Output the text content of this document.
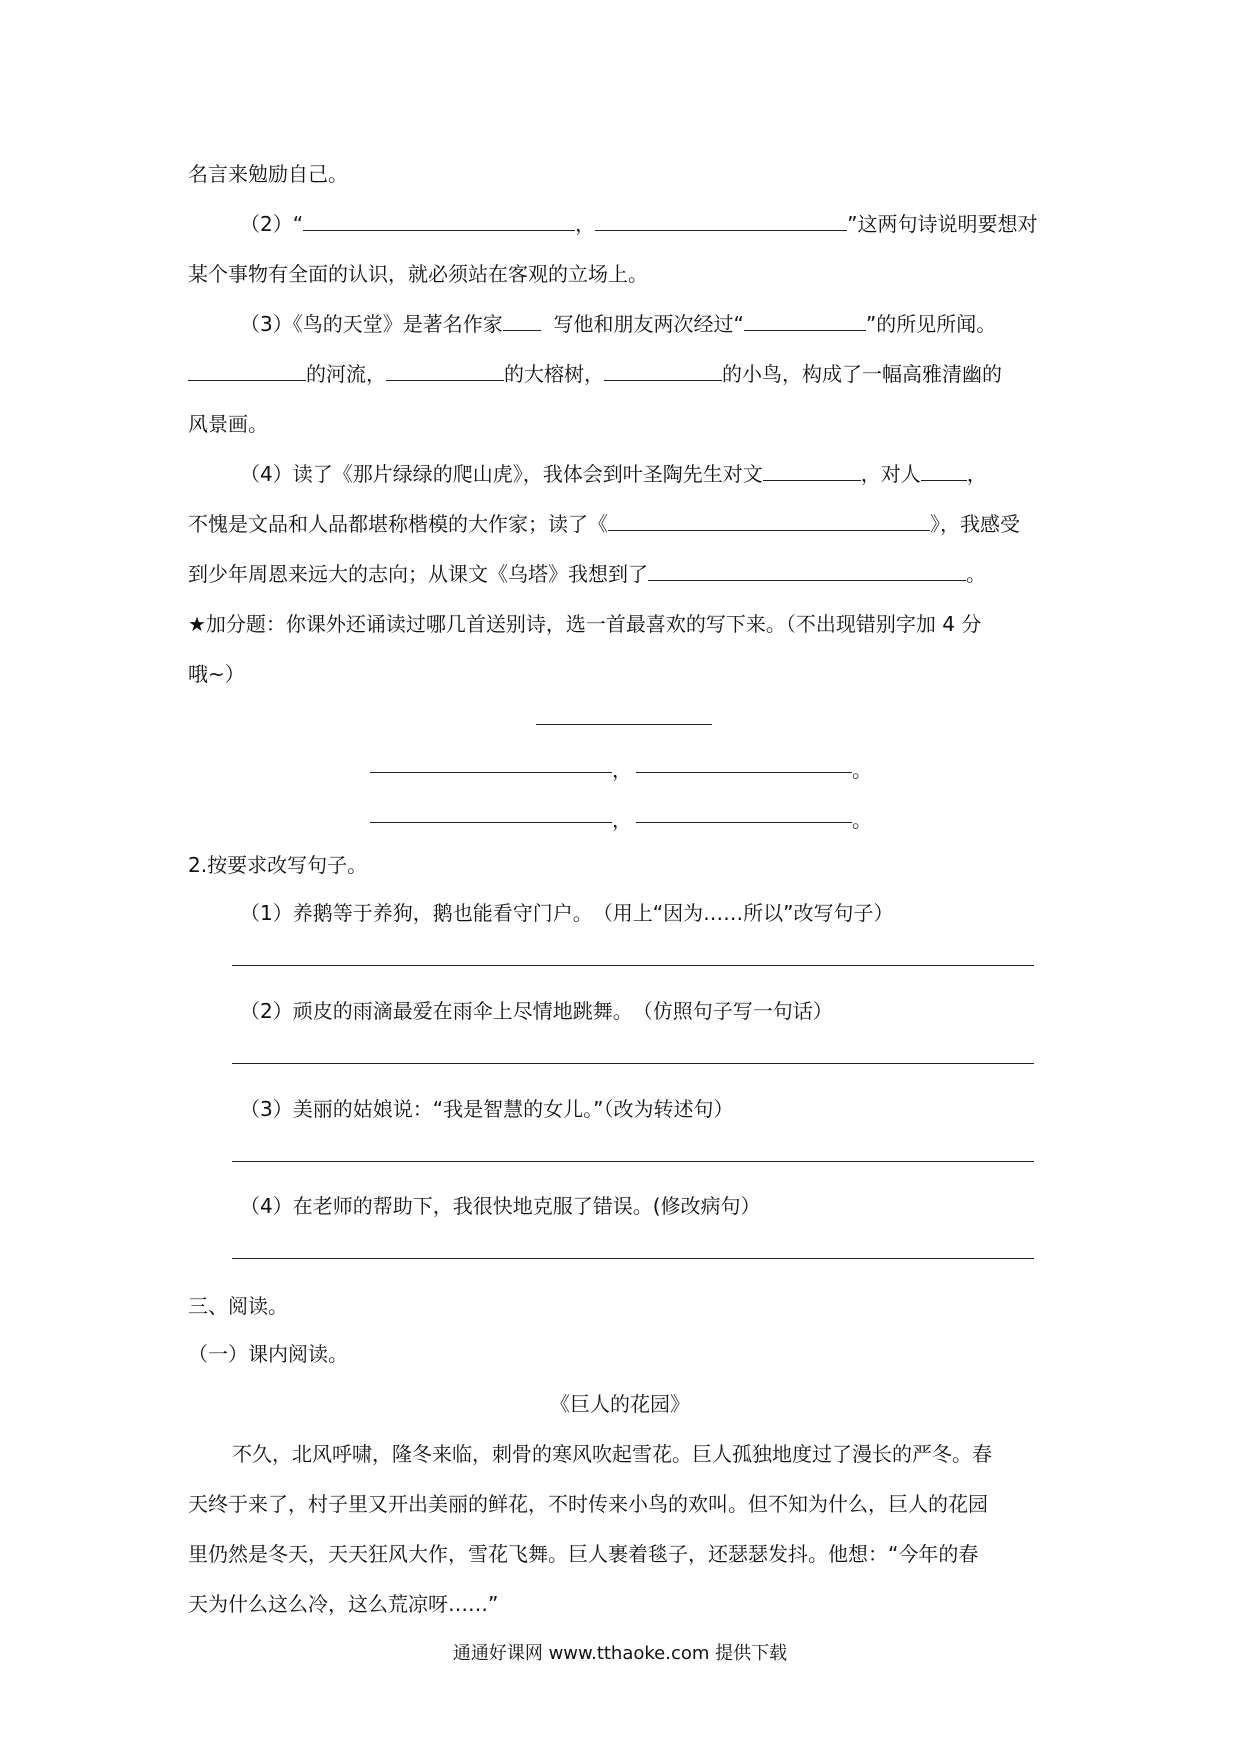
名言来勉励自己。
（2）“	，	”这两句诗说明要想对
某个事物有全面的认识，就必须站在客观的立场上。
（3）《鸟的天堂》是著名作家	写他和朋友两次经过“	”的所见所闻。
的河流，	的大榕树，	的小鸟，构成了一幅高雅清幽的
风景画。
（4）读了《那片绿绿的爬山虎》，我体会到叶圣陶先生对文	，对人 ，
不愧是文品和人品都堪称楷模的大作家；读了《	》，我感受
到少年周恩来远大的志向；从课文《乌塔》我想到了	。
★加分题：你课外还诵读过哪几首送别诗，选一首最喜欢的写下来。（不出现错别字加 4 分
哦~）
，	。
，	。
2.按要求改写句子。
（1）养鹅等于养狗，鹅也能看守门户。　（用上“因为……所以”改写句子）
（2）顽皮的雨滴最爱在雨伞上尽情地跳舞。　（仿照句子写一句话）
（3）美丽的姑娘说：“我是智慧的女儿。”（改为转述句）
（4）在老师的帮助下，我很快地克服了错误。(修改病句）
三、阅读。
（一）课内阅读。
《巨人的花园》
不久，北风呼啸，隆冬来临，刺骨的寒风吹起雪花。巨人孤独地度过了漫长的严冬。春
天终于来了，村子里又开出美丽的鲜花，不时传来小鸟的欢叫。但不知为什么，巨人的花园
里仍然是冬天，天天狂风大作，雪花飞舞。巨人裹着毯子，还瑟瑟发抖。他想：“今年的春
天为什么这么冷，这么荒凉呀……”
通通好课网 www.tthaoke.com 提供下载
